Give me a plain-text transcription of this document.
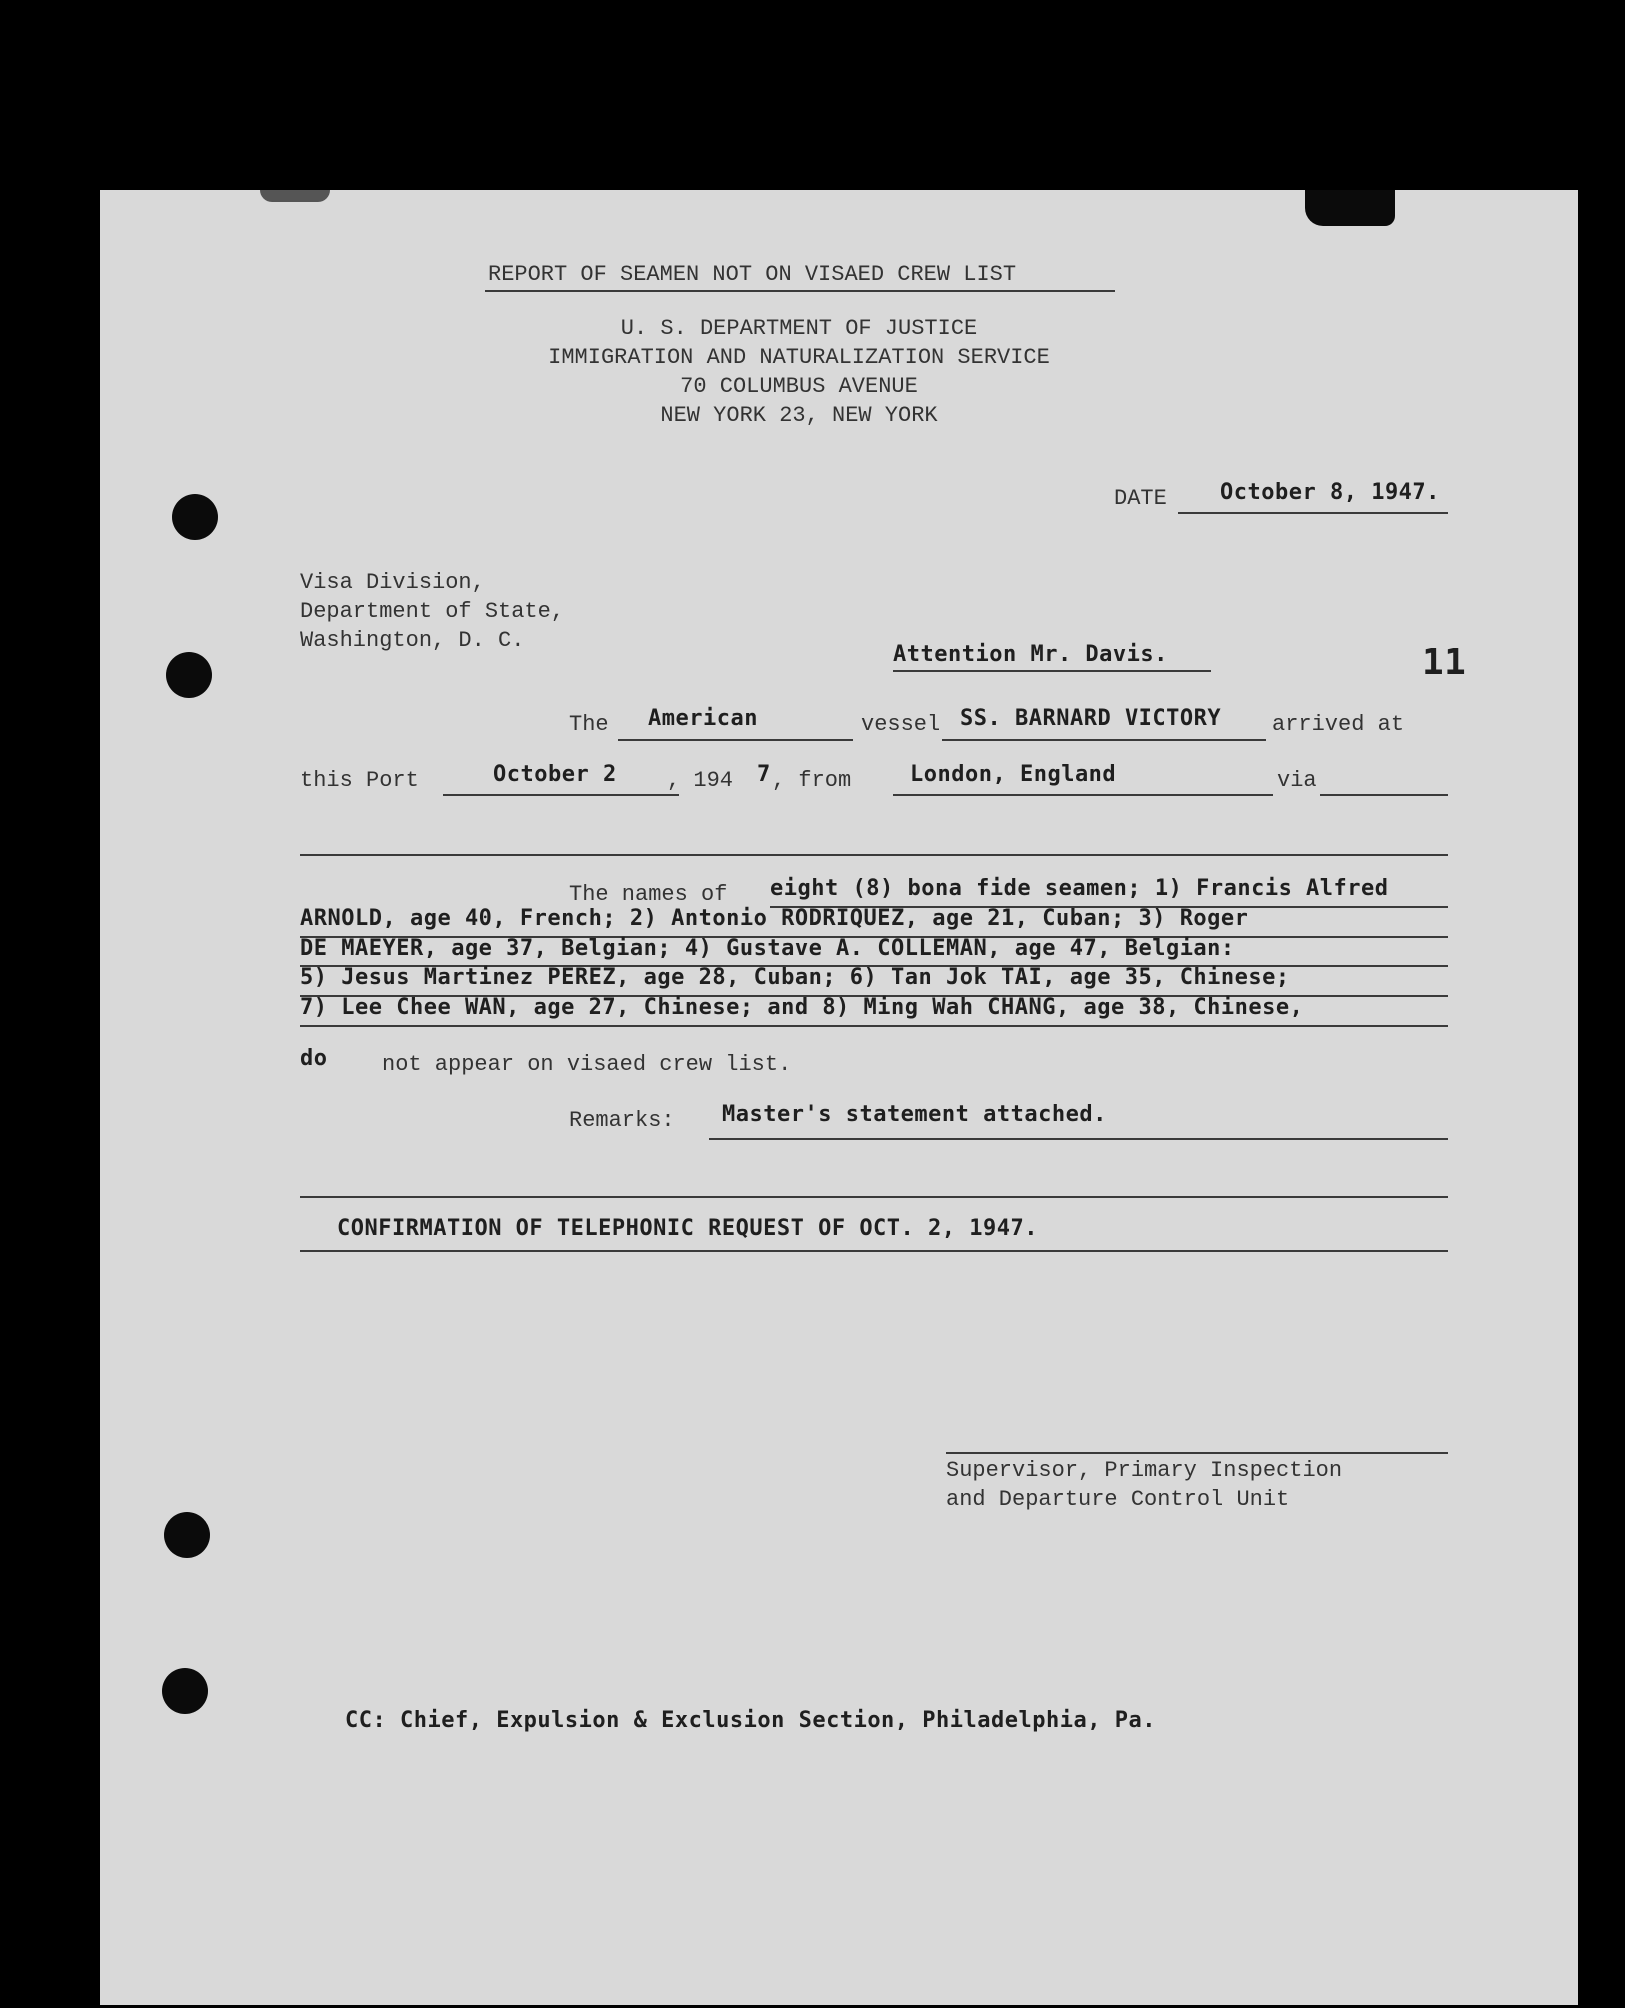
REPORT OF SEAMEN NOT ON VISAED CREW LIST
U. S. DEPARTMENT OF JUSTICE
IMMIGRATION AND NATURALIZATION SERVICE
70 COLUMBUS AVENUE
NEW YORK 23, NEW YORK
DATE October 8, 1947.
Visa Division,
Department of State,
Washington, D. C.
Attention Mr. Davis.	11
The American	vessel SS. BARNARD VICTORY arrived at
this Port	October 2 , 194 7 , from	London, England	via
The names of eight (8) bona fide seamen; 1) Francis Alfred
ARNOLD, age 40, French; 2) Antonio RODRIQUEZ, age 21, Cuban; 3) Roger
DE MAEYER, age 37, Belgian; 4) Gustave A. COLLEMAN, age 47, Belgian:
5) Jesus Martinez PEREZ, age 28, Cuban; 6) Tan Jok TAI, age 35, Chinese;
7) Lee Chee WAN, age 27, Chinese; and 8) Ming Wah CHANG, age 38, Chinese,
do not appear on visaed crew list.
Remarks: Master's statement attached.
CONFIRMATION OF TELEPHONIC REQUEST OF OCT. 2, 1947.
Supervisor, Primary Inspection
and Departure Control Unit
CC: Chief, Expulsion & Exclusion Section, Philadelphia, Pa.
